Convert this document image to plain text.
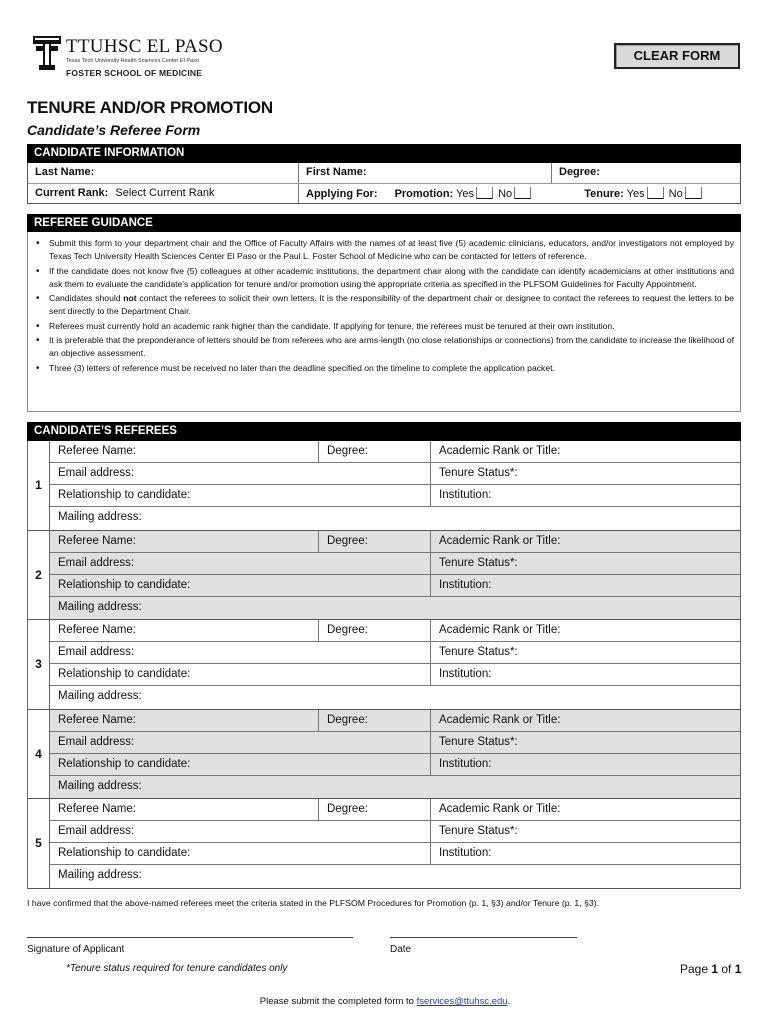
TTUHSC EL PASO
Texas Tech University Health Sciences Center El Paso
FOSTER SCHOOL OF MEDICINE
CLEAR FORM
TENURE AND/OR PROMOTION
Candidate’s Referee Form
CANDIDATE INFORMATION
Last Name:	First Name:	Degree:
Current Rank: Select Current Rank	Applying For: Promotion: Yes No	Tenure: Yes No
REFEREE GUIDANCE
• Submit this form to your department chair and the Office of Faculty Affairs with the names of at least five (5) academic clinicians, educators, and/or investigators not employed by Texas Tech University Health Sciences Center El Paso or the Paul L. Foster School of Medicine who can be contacted for letters of reference.
• If the candidate does not know five (5) colleagues at other academic institutions, the department chair along with the candidate can identify academicians at other institutions and ask them to evaluate the candidate’s application for tenure and/or promotion using the appropriate criteria as specified in the PLFSOM Guidelines for Faculty Appointment.
• Candidates should not contact the referees to solicit their own letters. It is the responsibility of the department chair or designee to contact the referees to request the letters to be sent directly to the Department Chair.
• Referees must currently hold an academic rank higher than the candidate. If applying for tenure, the referees must be tenured at their own institution.
• It is preferable that the preponderance of letters should be from referees who are arms-length (no close relationships or connections) from the candidate to increase the likelihood of an objective assessment.
• Three (3) letters of reference must be received no later than the deadline specified on the timeline to complete the application packet.
CANDIDATE’S REFEREES
1
Referee Name:	Degree:	Academic Rank or Title:
Email address:	Tenure Status*:
Relationship to candidate:	Institution:
Mailing address:
2
Referee Name:	Degree:	Academic Rank or Title:
Email address:	Tenure Status*:
Relationship to candidate:	Institution:
Mailing address:
3
Referee Name:	Degree:	Academic Rank or Title:
Email address:	Tenure Status*:
Relationship to candidate:	Institution:
Mailing address:
4
Referee Name:	Degree:	Academic Rank or Title:
Email address:	Tenure Status*:
Relationship to candidate:	Institution:
Mailing address:
5
Referee Name:	Degree:	Academic Rank or Title:
Email address:	Tenure Status*:
Relationship to candidate:	Institution:
Mailing address:
I have confirmed that the above-named referees meet the criteria stated in the PLFSOM Procedures for Promotion (p. 1, §3) and/or Tenure (p. 1, §3).
Signature of Applicant	Date
*Tenure status required for tenure candidates only	Page 1 of 1
Please submit the completed form to fservices@ttuhsc.edu.
